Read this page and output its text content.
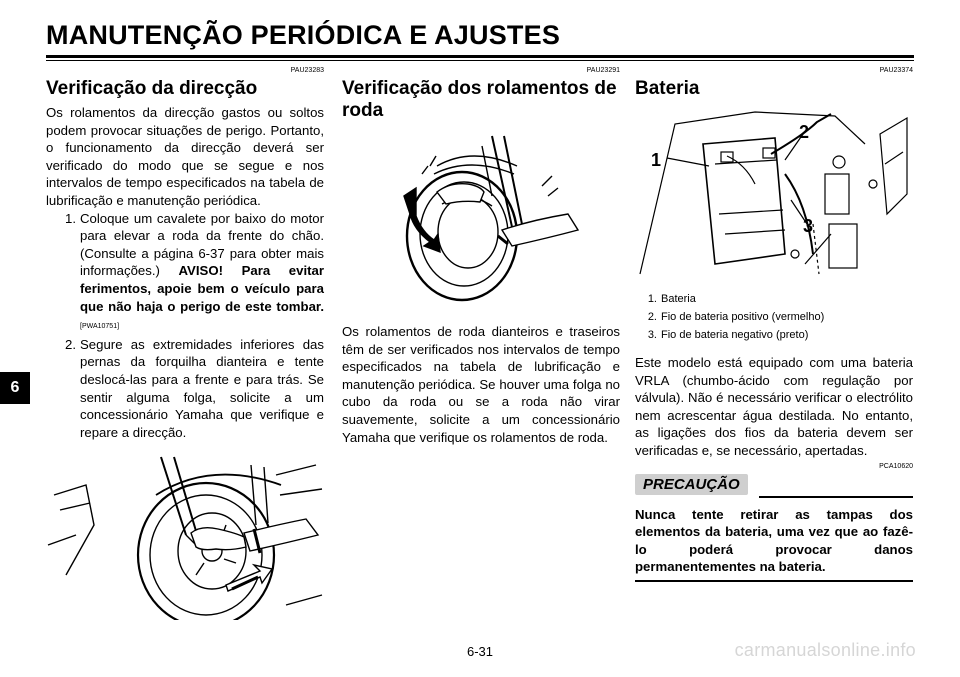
MANUTENÇÃO PERIÓDICA E AJUSTES
6
PAU23283
Verificação da direcção

Os rolamentos da direcção gastos ou soltos podem provocar situações de perigo. Portanto, o funcionamento da direcção deverá ser verificado do modo que se segue e nos intervalos de tempo especificados na tabela de lubrificação e manutenção periódica.

1. Coloque um cavalete por baixo do motor para elevar a roda da frente do chão. (Consulte a página 6-37 para obter mais informações.) AVISO! Para evitar ferimentos, apoie bem o veículo para que não haja o perigo de este tombar.[PWA10751]
2. Segure as extremidades inferiores das pernas da forquilha dianteira e tente deslocá-las para a frente e para trás. Se sentir alguma folga, solicite a um concessionário Yamaha que verifique e repare a direcção.
PAU23291
Verificação dos rolamentos de roda

Os rolamentos de roda dianteiros e traseiros têm de ser verificados nos intervalos de tempo especificados na tabela de lubrificação e manutenção periódica. Se houver uma folga no cubo da roda ou se a roda não virar suavemente, solicite a um concessionário Yamaha que verifique os rolamentos de roda.

PAU23374
Bateria
1
2
3
1. Bateria
2. Fio de bateria positivo (vermelho)
3. Fio de bateria negativo (preto)

Este modelo está equipado com uma bateria VRLA (chumbo-ácido com regulação por válvula). Não é necessário verificar o electrólito nem acrescentar água destilada. No entanto, as ligações dos fios da bateria devem ser verificadas e, se necessário, apertadas.

PCA10620
PRECAUÇÃO

Nunca tente retirar as tampas dos elementos da bateria, uma vez que ao fazê-lo poderá provocar danos permanentementes na bateria.

6-31	carmanualsonline.info
